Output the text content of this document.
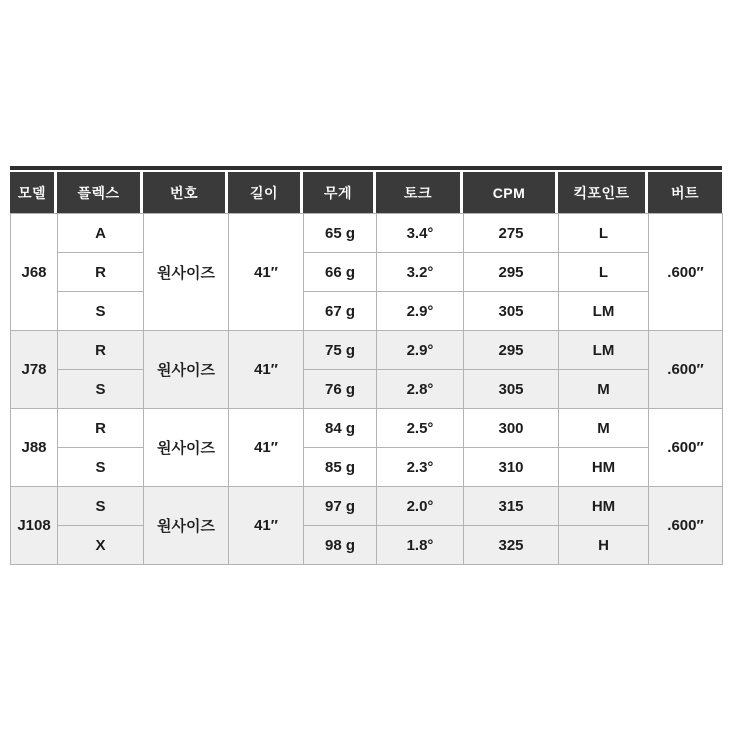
모델	플렉스	번호	길이	무게	토크	CPM	킥포인트	버트
J68	A	원사이즈	41″	65 g	3.4°	275	L	.600″
	R			66 g	3.2°	295	L	
	S			67 g	2.9°	305	LM	
J78	R	원사이즈	41″	75 g	2.9°	295	LM	.600″
	S			76 g	2.8°	305	M	
J88	R	원사이즈	41″	84 g	2.5°	300	M	.600″
	S			85 g	2.3°	310	HM	
J108	S	원사이즈	41″	97 g	2.0°	315	HM	.600″
	X			98 g	1.8°	325	H	
